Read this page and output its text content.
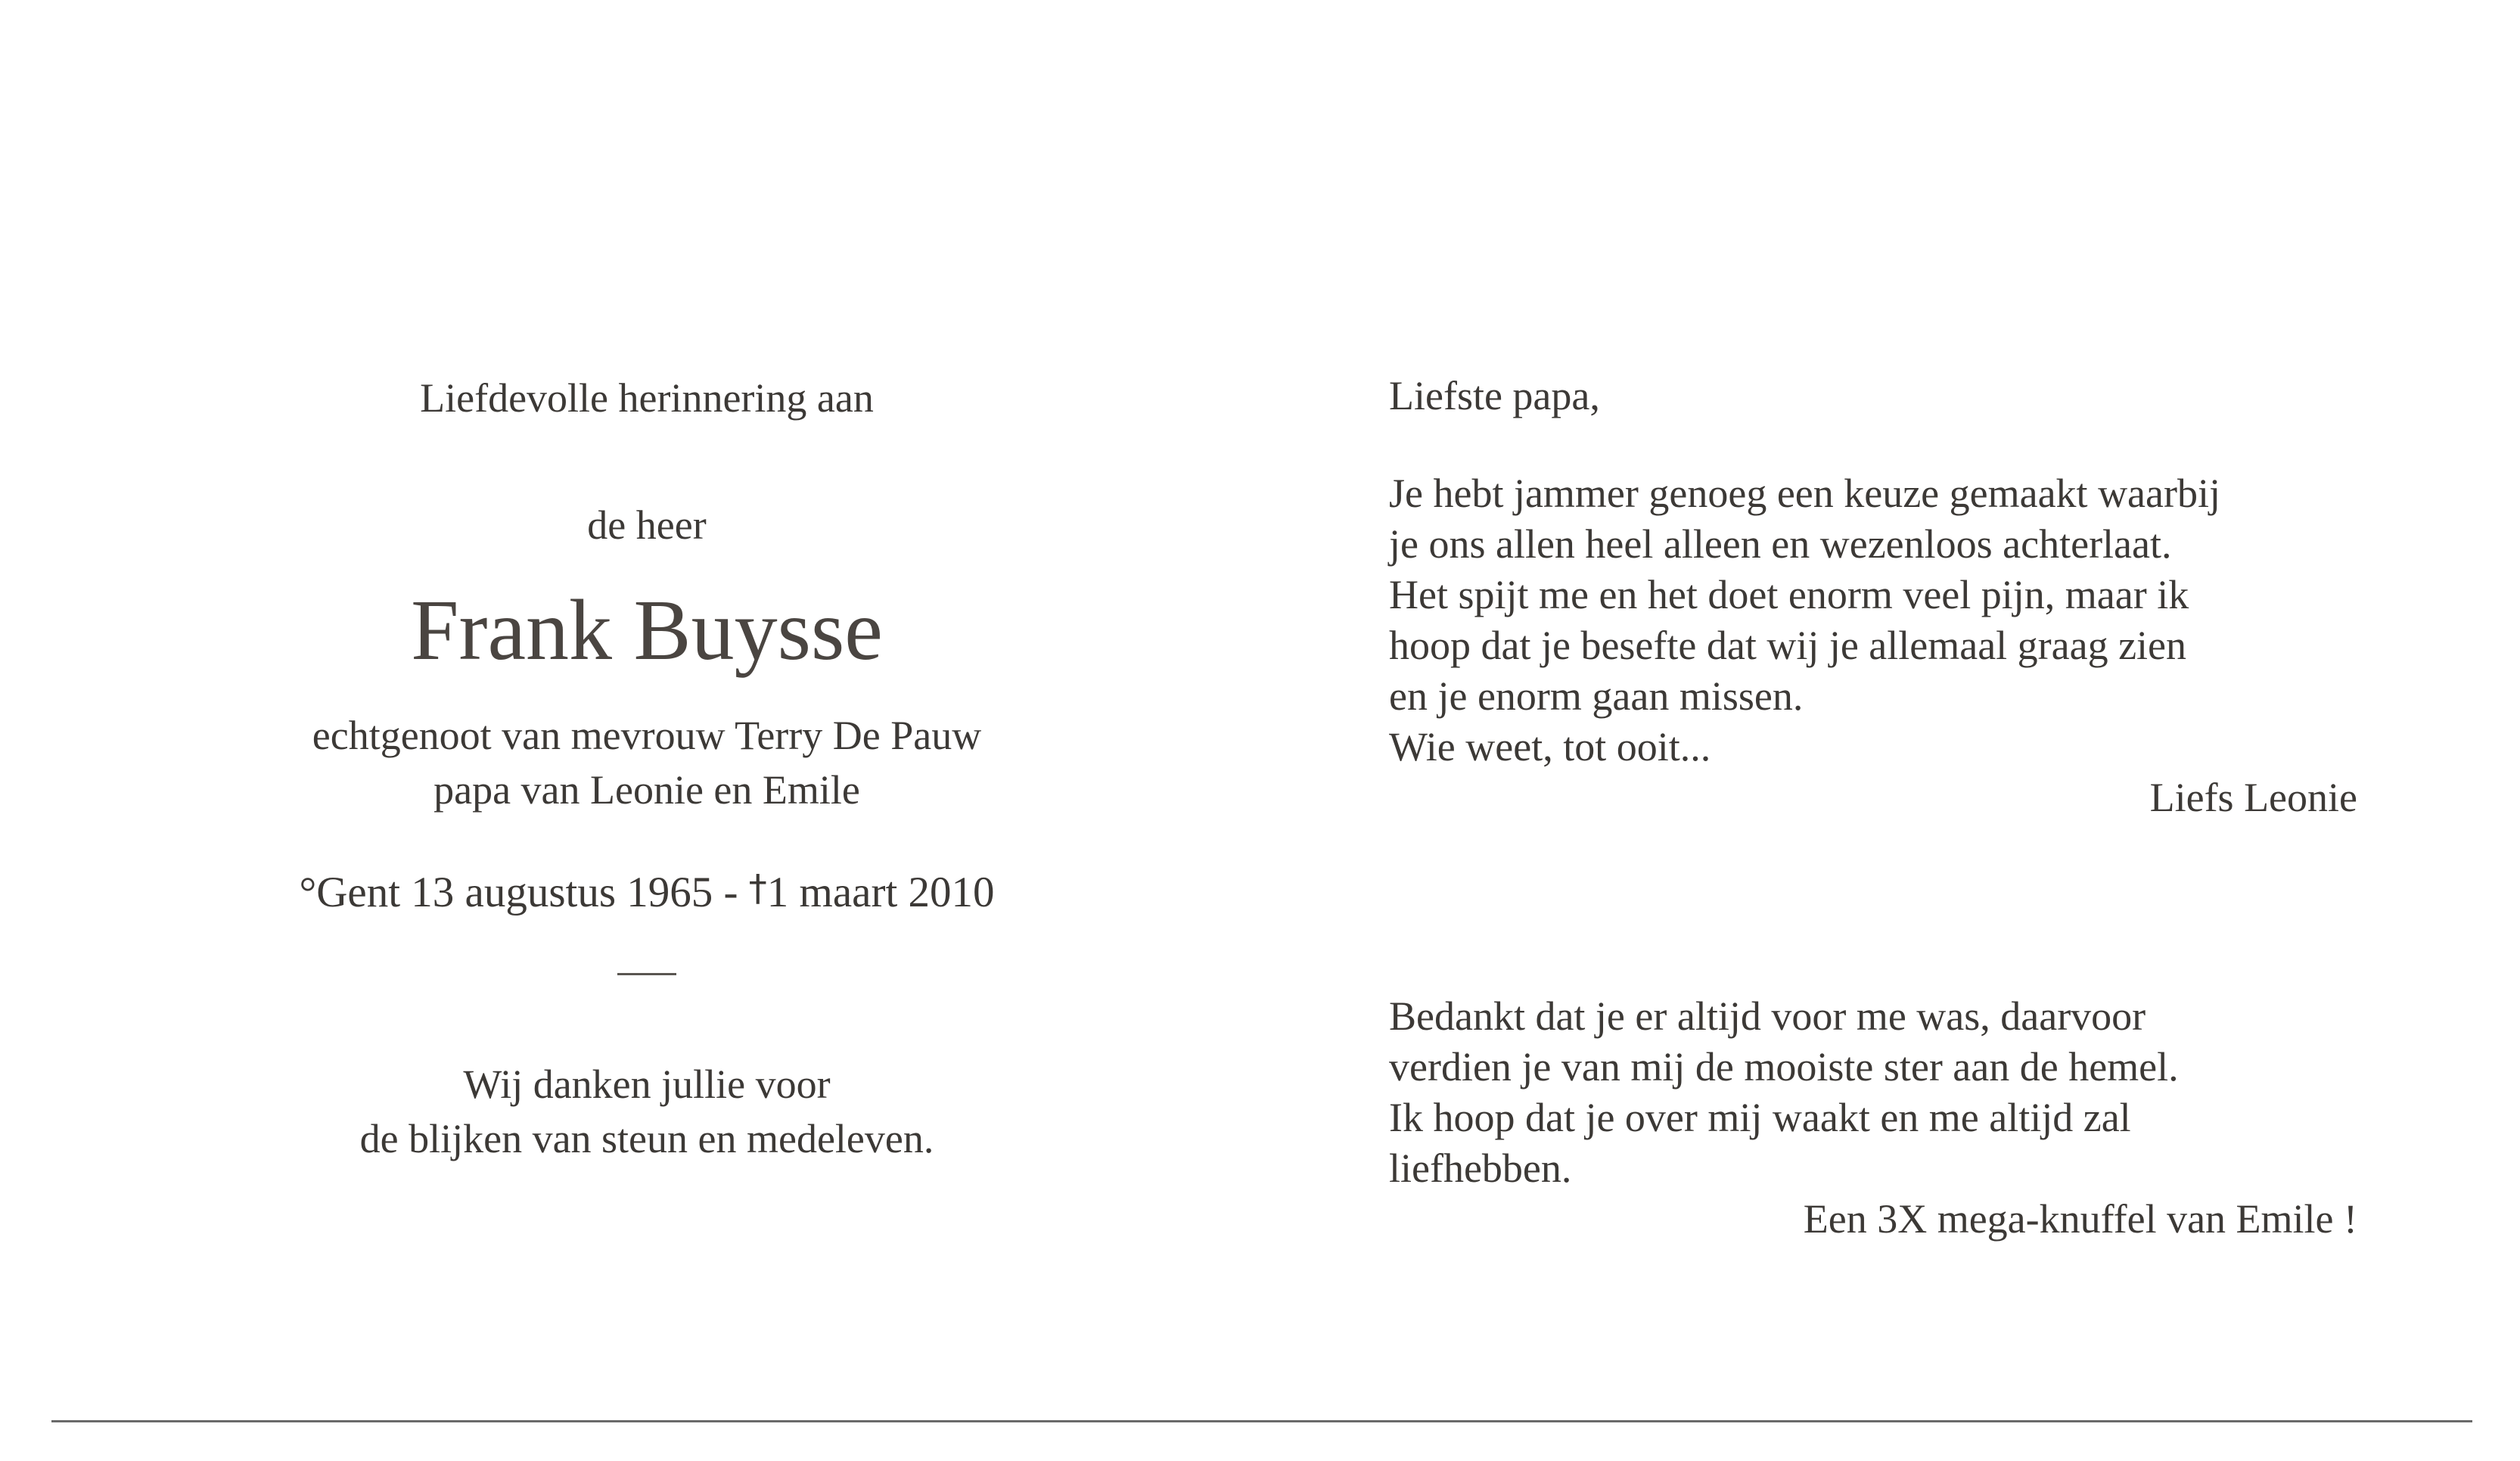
Liefdevolle herinnering aan
de heer
Frank Buysse
echtgenoot van mevrouw Terry De Pauw
papa van Leonie en Emile
°Gent 13 augustus 1965 - †1 maart 2010
Wij danken jullie voor
de blijken van steun en medeleven.
Liefste papa,
Je hebt jammer genoeg een keuze gemaakt waarbij
je ons allen heel alleen en wezenloos achterlaat.
Het spijt me en het doet enorm veel pijn, maar ik
hoop dat je besefte dat wij je allemaal graag zien
en je enorm gaan missen.
Wie weet, tot ooit...
Liefs Leonie
Bedankt dat je er altijd voor me was, daarvoor
verdien je van mij de mooiste ster aan de hemel.
Ik hoop dat je over mij waakt en me altijd zal
liefhebben.
Een 3X mega-knuffel van Emile !
